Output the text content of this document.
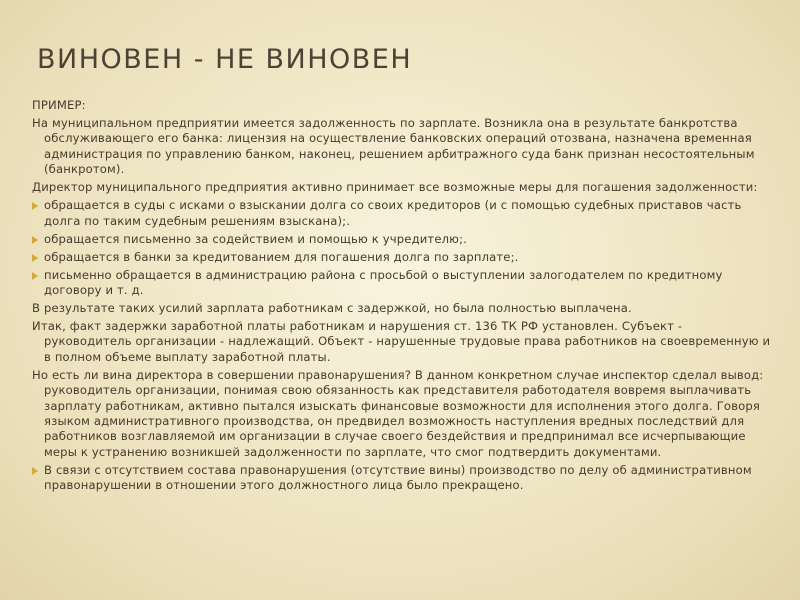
ВИНОВЕН - НЕ ВИНОВЕН

ПРИМЕР:

На муниципальном предприятии имеется задолженность по зарплате. Возникла она в результате банкротства обслуживающего его банка: лицензия на осуществление банковских операций отозвана, назначена временная администрация по управлению банком, наконец, решением арбитражного суда банк признан несостоятельным (банкротом).

Директор муниципального предприятия активно принимает все возможные меры для погашения задолженности:

обращается в суды с исками о взыскании долга со своих кредиторов (и с помощью судебных приставов часть долга по таким судебным решениям взыскана);.
обращается письменно за содействием и помощью к учредителю;.
обращается в банки за кредитованием для погашения долга по зарплате;.
письменно обращается в администрацию района с просьбой о выступлении залогодателем по кредитному договору и т. д.

В результате таких усилий зарплата работникам с задержкой, но была полностью выплачена.

Итак, факт задержки заработной платы работникам и нарушения ст. 136 ТК РФ установлен. Субъект - руководитель организации - надлежащий. Объект - нарушенные трудовые права работников на своевременную и в полном объеме выплату заработной платы.

Но есть ли вина директора в совершении правонарушения? В данном конкретном случае инспектор сделал вывод: руководитель организации, понимая свою обязанность как представителя работодателя вовремя выплачивать зарплату работникам, активно пытался изыскать финансовые возможности для исполнения этого долга. Говоря языком административного производства, он предвидел возможность наступления вредных последствий для работников возглавляемой им организации в случае своего бездействия и предпринимал все исчерпывающие меры к устранению возникшей задолженности по зарплате, что смог подтвердить документами.

В связи с отсутствием состава правонарушения (отсутствие вины) производство по делу об административном правонарушении в отношении этого должностного лица было прекращено.
